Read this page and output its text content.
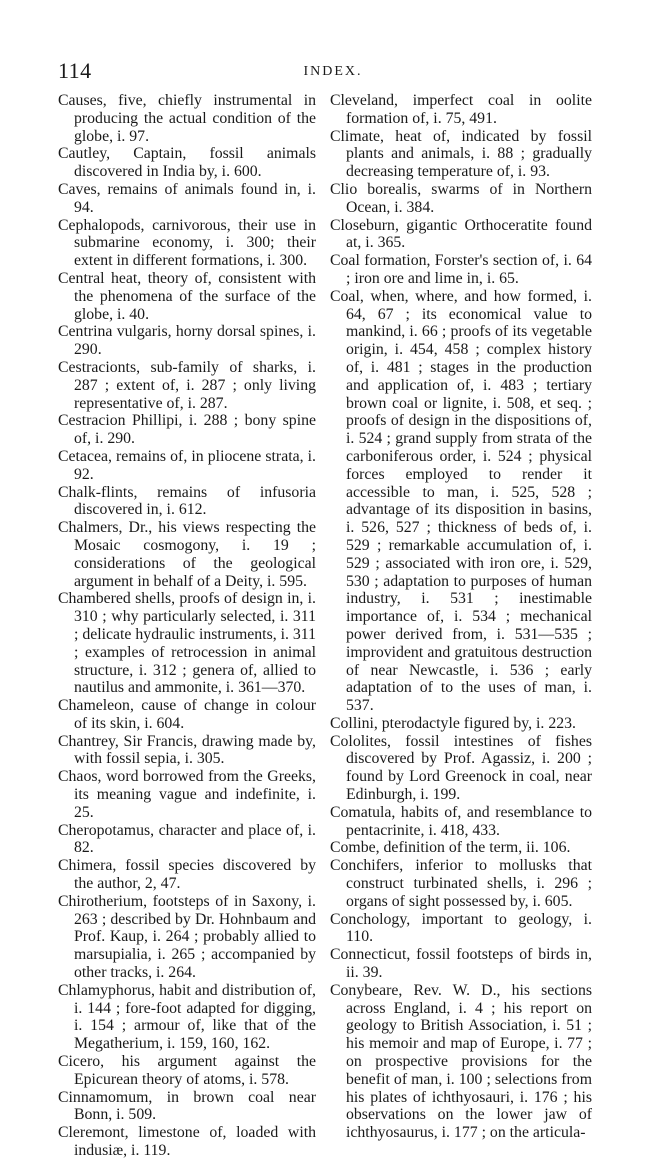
114	INDEX.

Causes, five, chiefly instrumental in producing the actual condition of the globe, i. 97.

Cautley, Captain, fossil animals discovered in India by, i. 600.

Caves, remains of animals found in, i. 94.

Cephalopods, carnivorous, their use in submarine economy, i. 300; their extent in different formations, i. 300.

Central heat, theory of, consistent with the phenomena of the surface of the globe, i. 40.

Centrina vulgaris, horny dorsal spines, i. 290.

Cestracionts, sub-family of sharks, i. 287 ; extent of, i. 287 ; only living representative of, i. 287.

Cestracion Phillipi, i. 288 ; bony spine of, i. 290.

Cetacea, remains of, in pliocene strata, i. 92.

Chalk-flints, remains of infusoria discovered in, i. 612.

Chalmers, Dr., his views respecting the Mosaic cosmogony, i. 19 ; considerations of the geological argument in behalf of a Deity, i. 595.

Chambered shells, proofs of design in, i. 310 ; why particularly selected, i. 311 ; delicate hydraulic instruments, i. 311 ; examples of retrocession in animal structure, i. 312 ; genera of, allied to nautilus and ammonite, i. 361—370.

Chameleon, cause of change in colour of its skin, i. 604.

Chantrey, Sir Francis, drawing made by, with fossil sepia, i. 305.

Chaos, word borrowed from the Greeks, its meaning vague and indefinite, i. 25.

Cheropotamus, character and place of, i. 82.

Chimera, fossil species discovered by the author, 2, 47.

Chirotherium, footsteps of in Saxony, i. 263 ; described by Dr. Hohnbaum and Prof. Kaup, i. 264 ; probably allied to marsupialia, i. 265 ; accompanied by other tracks, i. 264.

Chlamyphorus, habit and distribution of, i. 144 ; fore-foot adapted for digging, i. 154 ; armour of, like that of the Megatherium, i. 159, 160, 162.

Cicero, his argument against the Epicurean theory of atoms, i. 578.

Cinnamomum, in brown coal near Bonn, i. 509.

Cleremont, limestone of, loaded with indusiæ, i. 119.

Cleveland, imperfect coal in oolite formation of, i. 75, 491.

Climate, heat of, indicated by fossil plants and animals, i. 88 ; gradually decreasing temperature of, i. 93.

Clio borealis, swarms of in Northern Ocean, i. 384.

Closeburn, gigantic Orthoceratite found at, i. 365.

Coal formation, Forster's section of, i. 64 ; iron ore and lime in, i. 65.

Coal, when, where, and how formed, i. 64, 67 ; its economical value to mankind, i. 66 ; proofs of its vegetable origin, i. 454, 458 ; complex history of, i. 481 ; stages in the production and application of, i. 483 ; tertiary brown coal or lignite, i. 508, et seq. ; proofs of design in the dispositions of, i. 524 ; grand supply from strata of the carboniferous order, i. 524 ; physical forces employed to render it accessible to man, i. 525, 528 ; advantage of its disposition in basins, i. 526, 527 ; thickness of beds of, i. 529 ; remarkable accumulation of, i. 529 ; associated with iron ore, i. 529, 530 ; adaptation to purposes of human industry, i. 531 ; inestimable importance of, i. 534 ; mechanical power derived from, i. 531—535 ; improvident and gratuitous destruction of near Newcastle, i. 536 ; early adaptation of to the uses of man, i. 537.

Collini, pterodactyle figured by, i. 223.

Cololites, fossil intestines of fishes discovered by Prof. Agassiz, i. 200 ; found by Lord Greenock in coal, near Edinburgh, i. 199.

Comatula, habits of, and resemblance to pentacrinite, i. 418, 433.

Combe, definition of the term, ii. 106.

Conchifers, inferior to mollusks that construct turbinated shells, i. 296 ; organs of sight possessed by, i. 605.

Conchology, important to geology, i. 110.

Connecticut, fossil footsteps of birds in, ii. 39.

Conybeare, Rev. W. D., his sections across England, i. 4 ; his report on geology to British Association, i. 51 ; his memoir and map of Europe, i. 77 ; on prospective provisions for the benefit of man, i. 100 ; selections from his plates of ichthyosauri, i. 176 ; his observations on the lower jaw of ichthyosaurus, i. 177 ; on the articula-
